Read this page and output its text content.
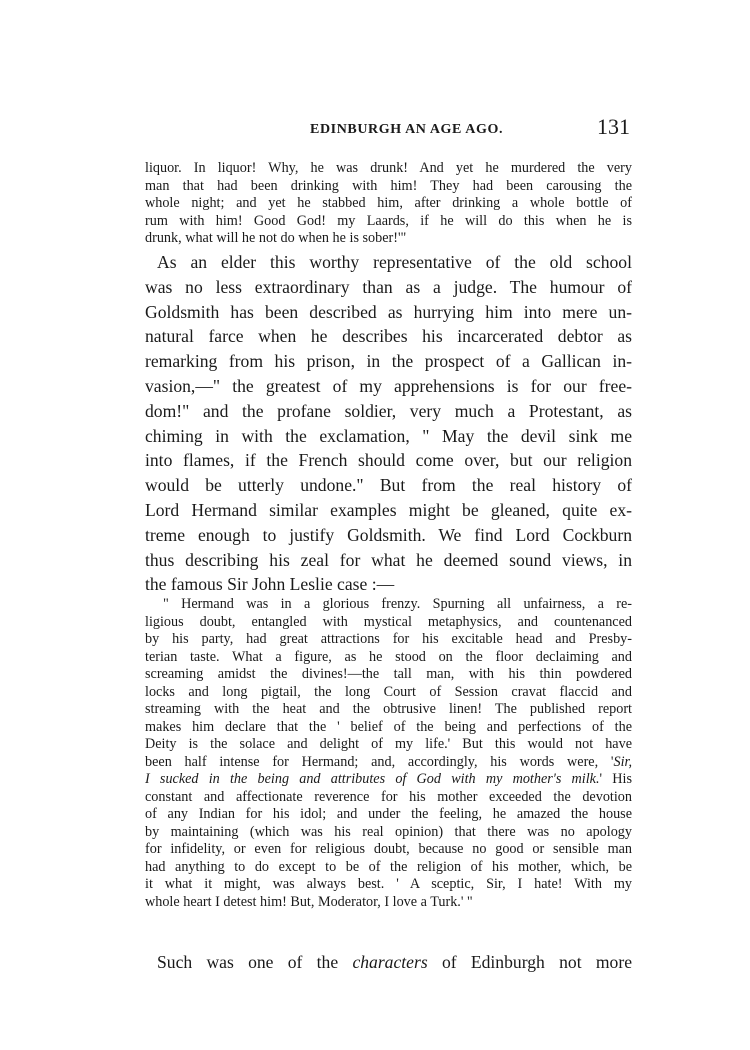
EDINBURGH AN AGE AGO.	131
liquor. In liquor! Why, he was drunk! And yet he murdered the very
man that had been drinking with him! They had been carousing the
whole night; and yet he stabbed him, after drinking a whole bottle of
rum with him! Good God! my Laards, if he will do this when he is
drunk, what will he not do when he is sober!'"
As an elder this worthy representative of the old school
was no less extraordinary than as a judge. The humour of
Goldsmith has been described as hurrying him into mere un-
natural farce when he describes his incarcerated debtor as
remarking from his prison, in the prospect of a Gallican in-
vasion,—" the greatest of my apprehensions is for our free-
dom!" and the profane soldier, very much a Protestant, as
chiming in with the exclamation, " May the devil sink me
into flames, if the French should come over, but our religion
would be utterly undone." But from the real history of
Lord Hermand similar examples might be gleaned, quite ex-
treme enough to justify Goldsmith. We find Lord Cockburn
thus describing his zeal for what he deemed sound views, in
the famous Sir John Leslie case :—
" Hermand was in a glorious frenzy. Spurning all unfairness, a re-
ligious doubt, entangled with mystical metaphysics, and countenanced
by his party, had great attractions for his excitable head and Presby-
terian taste. What a figure, as he stood on the floor declaiming and
screaming amidst the divines!—the tall man, with his thin powdered
locks and long pigtail, the long Court of Session cravat flaccid and
streaming with the heat and the obtrusive linen! The published report
makes him declare that the ' belief of the being and perfections of the
Deity is the solace and delight of my life.' But this would not have
been half intense for Hermand; and, accordingly, his words were, 'Sir,
I sucked in the being and attributes of God with my mother's milk.' His
constant and affectionate reverence for his mother exceeded the devotion
of any Indian for his idol; and under the feeling, he amazed the house
by maintaining (which was his real opinion) that there was no apology
for infidelity, or even for religious doubt, because no good or sensible man
had anything to do except to be of the religion of his mother, which, be
it what it might, was always best. ' A sceptic, Sir, I hate! With my
whole heart I detest him! But, Moderator, I love a Turk.' "
Such was one of the characters of Edinburgh not more
